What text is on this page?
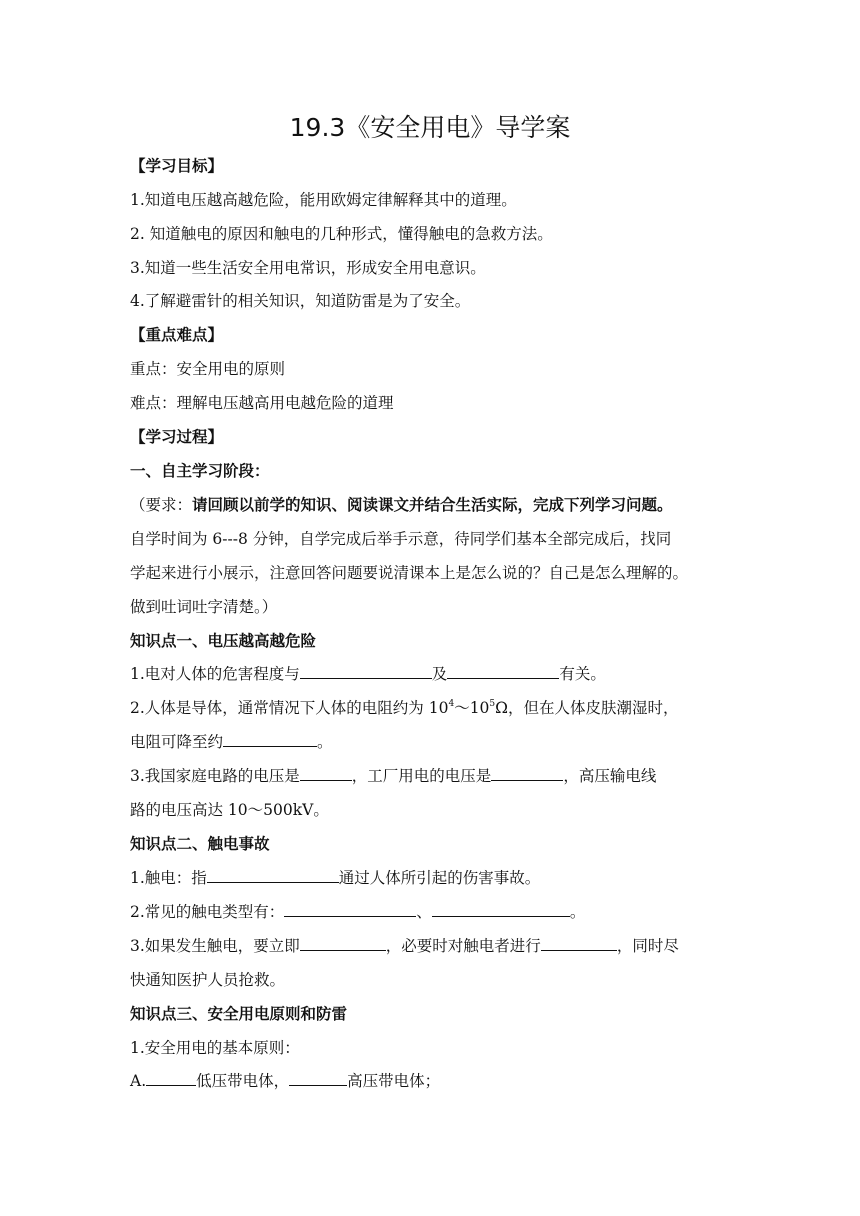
19.3《安全用电》导学案
【学习目标】
1.知道电压越高越危险，能用欧姆定律解释其中的道理。
2. 知道触电的原因和触电的几种形式，懂得触电的急救方法。
3.知道一些生活安全用电常识，形成安全用电意识。
4.了解避雷针的相关知识，知道防雷是为了安全。
【重点难点】
重点：安全用电的原则
难点：理解电压越高用电越危险的道理
【学习过程】
一、自主学习阶段：
（要求：请回顾以前学的知识、阅读课文并结合生活实际，完成下列学习问题。
自学时间为 6---8 分钟，自学完成后举手示意，待同学们基本全部完成后，找同
学起来进行小展示，注意回答问题要说清课本上是怎么说的？自己是怎么理解的。
做到吐词吐字清楚。）
知识点一、电压越高越危险
1.电对人体的危害程度与	及	有关。
2.人体是导体，通常情况下人体的电阻约为 $10^4\sim 10^5\Omega$，但在人体皮肤潮湿时，
电阻可降至约	。
3.我国家庭电路的电压是	，工厂用电的电压是	，高压输电线
路的电压高达 10～500kV。
知识点二、触电事故
1.触电：指	通过人体所引起的伤害事故。
2.常见的触电类型有：	、	。
3.如果发生触电，要立即	，必要时对触电者进行	，同时尽
快通知医护人员抢救。
知识点三、安全用电原则和防雷
1.安全用电的基本原则：
A.	低压带电体，	高压带电体；
